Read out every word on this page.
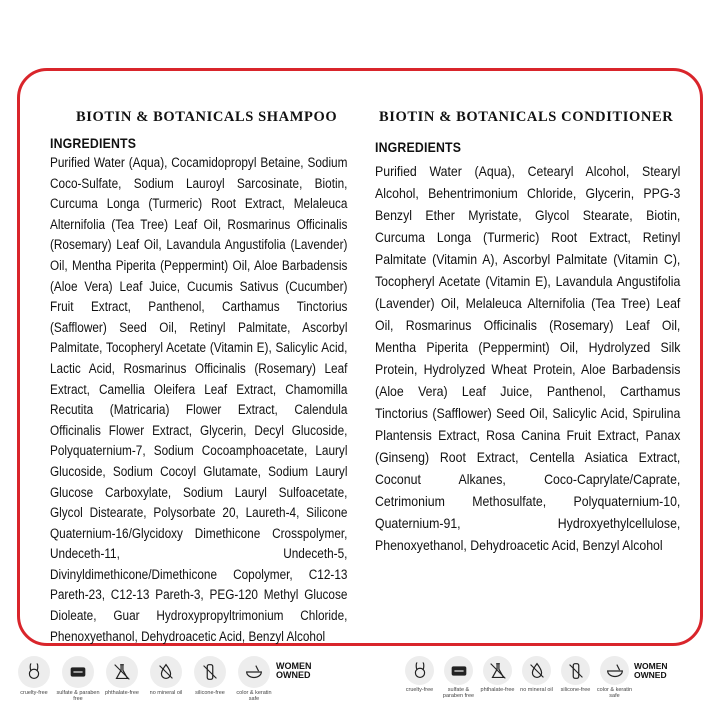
BIOTIN & BOTANICALS SHAMPOO
INGREDIENTS
Purified Water (Aqua), Cocamidopropyl Betaine, Sodium Coco-Sulfate, Sodium Lauroyl Sarcosinate, Biotin, Curcuma Longa (Turmeric) Root Extract, Melaleuca Alternifolia (Tea Tree) Leaf Oil, Rosmarinus Officinalis (Rosemary) Leaf Oil, Lavandula Angustifolia (Lavender) Oil, Mentha Piperita (Peppermint) Oil, Aloe Barbadensis (Aloe Vera) Leaf Juice, Cucumis Sativus (Cucumber) Fruit Extract, Panthenol, Carthamus Tinctorius (Safflower) Seed Oil, Retinyl Palmitate, Ascorbyl Palmitate, Tocopheryl Acetate (Vitamin E), Salicylic Acid, Lactic Acid, Rosmarinus Officinalis (Rosemary) Leaf Extract, Camellia Oleifera Leaf Extract, Chamomilla Recutita (Matricaria) Flower Extract, Calendula Officinalis Flower Extract, Glycerin, Decyl Glucoside, Polyquaternium-7, Sodium Cocoamphoacetate, Lauryl Glucoside, Sodium Cocoyl Glutamate, Sodium Lauryl Glucose Carboxylate, Sodium Lauryl Sulfoacetate, Glycol Distearate, Polysorbate 20, Laureth-4, Silicone Quaternium-16/Glycidoxy Dimethicone Crosspolymer, Undeceth-11, Undeceth-5, Divinyldimethicone/Dimethicone Copolymer, C12-13 Pareth-23, C12-13 Pareth-3, PEG-120 Methyl Glucose Dioleate, Guar Hydroxypropyltrimonium Chloride, Phenoxyethanol, Dehydroacetic Acid, Benzyl Alcohol
BIOTIN & BOTANICALS CONDITIONER
INGREDIENTS
Purified Water (Aqua), Cetearyl Alcohol, Stearyl Alcohol, Behentrimonium Chloride, Glycerin, PPG-3 Benzyl Ether Myristate, Glycol Stearate, Biotin, Curcuma Longa (Turmeric) Root Extract, Retinyl Palmitate (Vitamin A), Ascorbyl Palmitate (Vitamin C), Tocopheryl Acetate (Vitamin E), Lavandula Angustifolia (Lavender) Oil, Melaleuca Alternifolia (Tea Tree) Leaf Oil, Rosmarinus Officinalis (Rosemary) Leaf Oil, Mentha Piperita (Peppermint) Oil, Hydrolyzed Silk Protein, Hydrolyzed Wheat Protein, Aloe Barbadensis (Aloe Vera) Leaf Juice, Panthenol, Carthamus Tinctorius (Safflower) Seed Oil, Salicylic Acid, Spirulina Plantensis Extract, Rosa Canina Fruit Extract, Panax (Ginseng) Root Extract, Centella Asiatica Extract, Coconut Alkanes, Coco-Caprylate/Caprate, Cetrimonium Methosulfate, Polyquaternium-10, Quaternium-91, Hydroxyethylcellulose, Phenoxyethanol, Dehydroacetic Acid, Benzyl Alcohol
cruelty-free sulfate & paraben free
phthalate-free no mineral oil silicone-free	color & keratin safe
WOMEN
OWNED
cruelty-free	sulfate & paraben free
phthalate-free no mineral oil silicone-free	color & keratin safe
WOMEN
OWNED
